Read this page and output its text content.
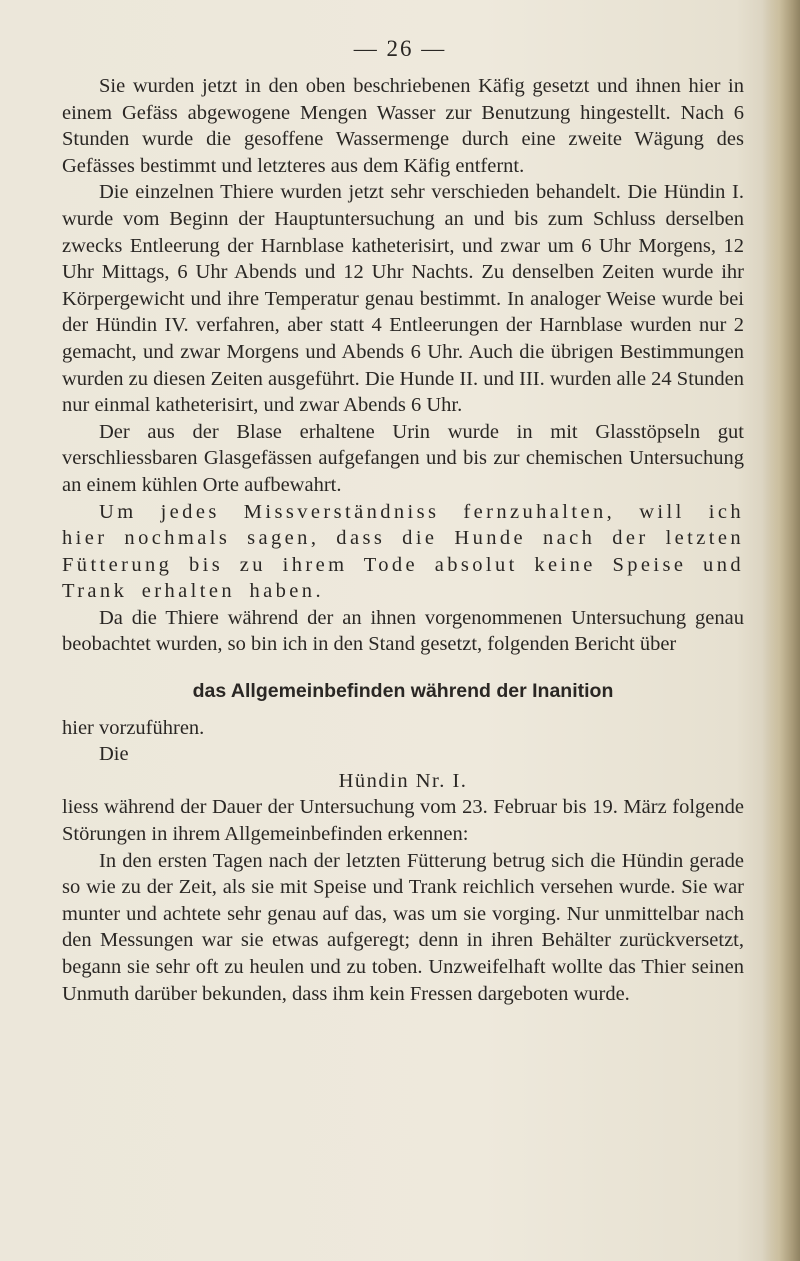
— 26 —

Sie wurden jetzt in den oben beschriebenen Käfig gesetzt und ihnen hier in einem Gefäss abgewogene Mengen Wasser zur Benutzung hingestellt. Nach 6 Stunden wurde die gesoffene Wassermenge durch eine zweite Wägung des Gefässes bestimmt und letzteres aus dem Käfig entfernt.

Die einzelnen Thiere wurden jetzt sehr verschieden behandelt. Die Hündin I. wurde vom Beginn der Hauptuntersuchung an und bis zum Schluss derselben zwecks Entleerung der Harnblase katheterisirt, und zwar um 6 Uhr Morgens, 12 Uhr Mittags, 6 Uhr Abends und 12 Uhr Nachts. Zu denselben Zeiten wurde ihr Körpergewicht und ihre Temperatur genau bestimmt. In analoger Weise wurde bei der Hündin IV. verfahren, aber statt 4 Entleerungen der Harnblase wurden nur 2 gemacht, und zwar Morgens und Abends 6 Uhr. Auch die übrigen Bestimmungen wurden zu diesen Zeiten ausgeführt. Die Hunde II. und III. wurden alle 24 Stunden nur einmal katheterisirt, und zwar Abends 6 Uhr.

Der aus der Blase erhaltene Urin wurde in mit Glasstöpseln gut verschliessbaren Glasgefässen aufgefangen und bis zur chemischen Untersuchung an einem kühlen Orte aufbewahrt.

Um jedes Missverständniss fernzuhalten, will ich hier nochmals sagen, dass die Hunde nach der letzten Fütterung bis zu ihrem Tode absolut keine Speise und Trank erhalten haben.

Da die Thiere während der an ihnen vorgenommenen Untersuchung genau beobachtet wurden, so bin ich in den Stand gesetzt, folgenden Bericht über

das Allgemeinbefinden während der Inanition

hier vorzuführen.

Die

Hündin Nr. I.

liess während der Dauer der Untersuchung vom 23. Februar bis 19. März folgende Störungen in ihrem Allgemeinbefinden erkennen:

In den ersten Tagen nach der letzten Fütterung betrug sich die Hündin gerade so wie zu der Zeit, als sie mit Speise und Trank reichlich versehen wurde. Sie war munter und achtete sehr genau auf das, was um sie vorging. Nur unmittelbar nach den Messungen war sie etwas aufgeregt; denn in ihren Behälter zurückversetzt, begann sie sehr oft zu heulen und zu toben. Unzweifelhaft wollte das Thier seinen Unmuth darüber bekunden, dass ihm kein Fressen dargeboten wurde.
